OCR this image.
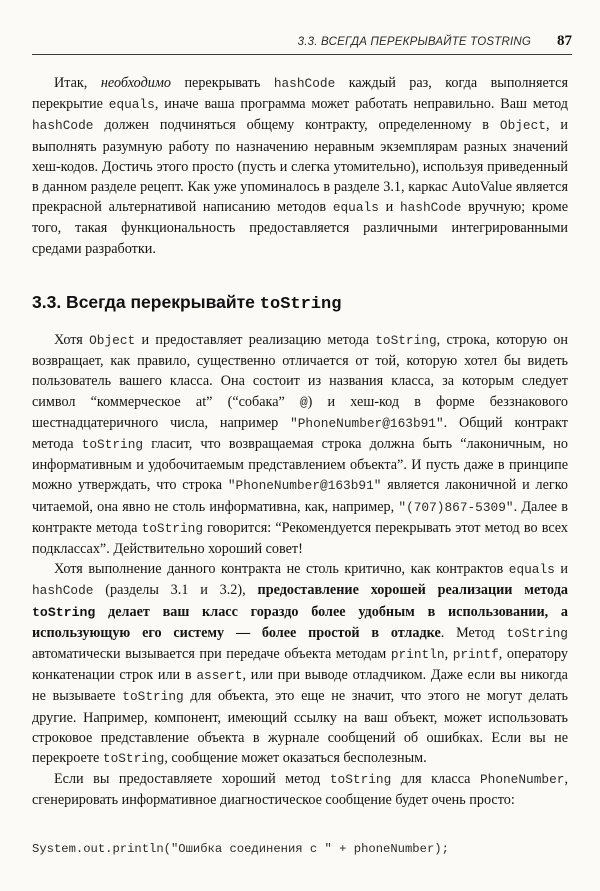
3.3. ВСЕГДА ПЕРЕКРЫВАЙТЕ TOSTRING 87

Итак, необходимо перекрывать hashCode каждый раз, когда выполняется перекрытие equals, иначе ваша программа может работать неправильно. Ваш метод hashCode должен подчиняться общему контракту, определенному в Object, и выполнять разумную работу по назначению неравным экземплярам разных значений хеш-кодов. Достичь этого просто (пусть и слегка утомительно), используя приведенный в данном разделе рецепт. Как уже упоминалось в разделе 3.1, каркас AutoValue является прекрасной альтернативой написанию методов equals и hashCode вручную; кроме того, такая функциональность предоставляется различными интегрированными средами разработки.

3.3. Всегда перекрывайте toString

Хотя Object и предоставляет реализацию метода toString, строка, которую он возвращает, как правило, существенно отличается от той, которую хотел бы видеть пользователь вашего класса. Она состоит из названия класса, за которым следует символ “коммерческое at” (“собака” @) и хеш-код в форме беззнакового шестнадцатеричного числа, например "PhoneNumber@163b91". Общий контракт метода toString гласит, что возвращаемая строка должна быть “лаконичным, но информативным и удобочитаемым представлением объекта”. И пусть даже в принципе можно утверждать, что строка "PhoneNumber@163b91" является лаконичной и легко читаемой, она явно не столь информативна, как, например, "(707)867-5309". Далее в контракте метода toString говорится: “Рекомендуется перекрывать этот метод во всех подклассах”. Действительно хороший совет!

Хотя выполнение данного контракта не столь критично, как контрактов equals и hashCode (разделы 3.1 и 3.2), предоставление хорошей реализации метода toString делает ваш класс гораздо более удобным в использовании, а использующую его систему — более простой в отладке. Метод toString автоматически вызывается при передаче объекта методам println, printf, оператору конкатенации строк или в assert, или при выводе отладчиком. Даже если вы никогда не вызываете toString для объекта, это еще не значит, что этого не могут делать другие. Например, компонент, имеющий ссылку на ваш объект, может использовать строковое представление объекта в журнале сообщений об ошибках. Если вы не перекроете toString, сообщение может оказаться бесполезным.

Если вы предоставляете хороший метод toString для класса PhoneNumber, сгенерировать информативное диагностическое сообщение будет очень просто:

System.out.println("Ошибка соединения с " + phoneNumber);
